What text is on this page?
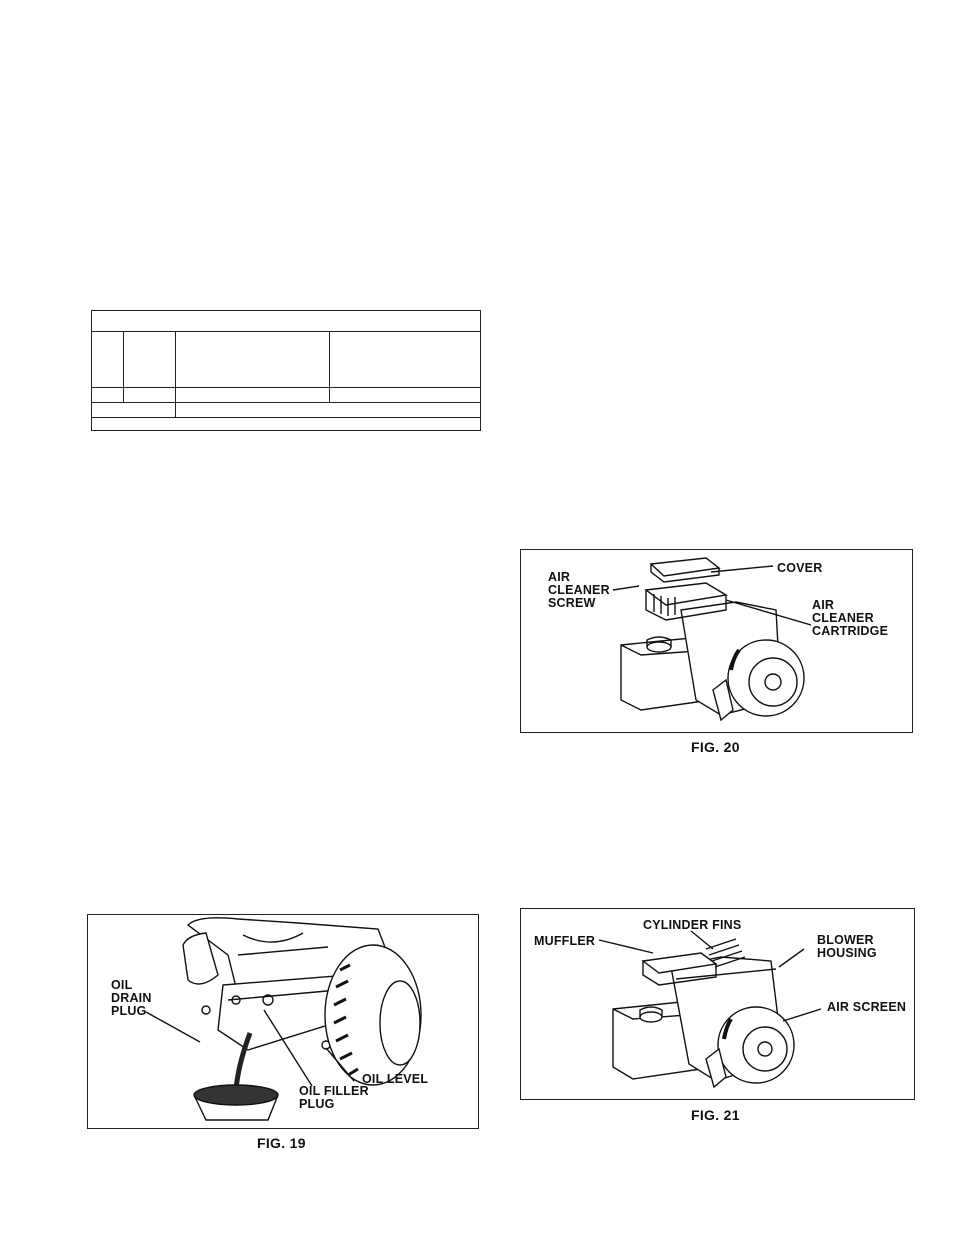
AIR
CLEANER
SCREW
COVER
AIR
CLEANER
CARTRIDGE
FIG. 20
OIL
DRAIN
PLUG
OIL FILLER
PLUG
OIL LEVEL
FIG. 19
MUFFLER
CYLINDER FINS
BLOWER
HOUSING
AIR SCREEN
FIG. 21
